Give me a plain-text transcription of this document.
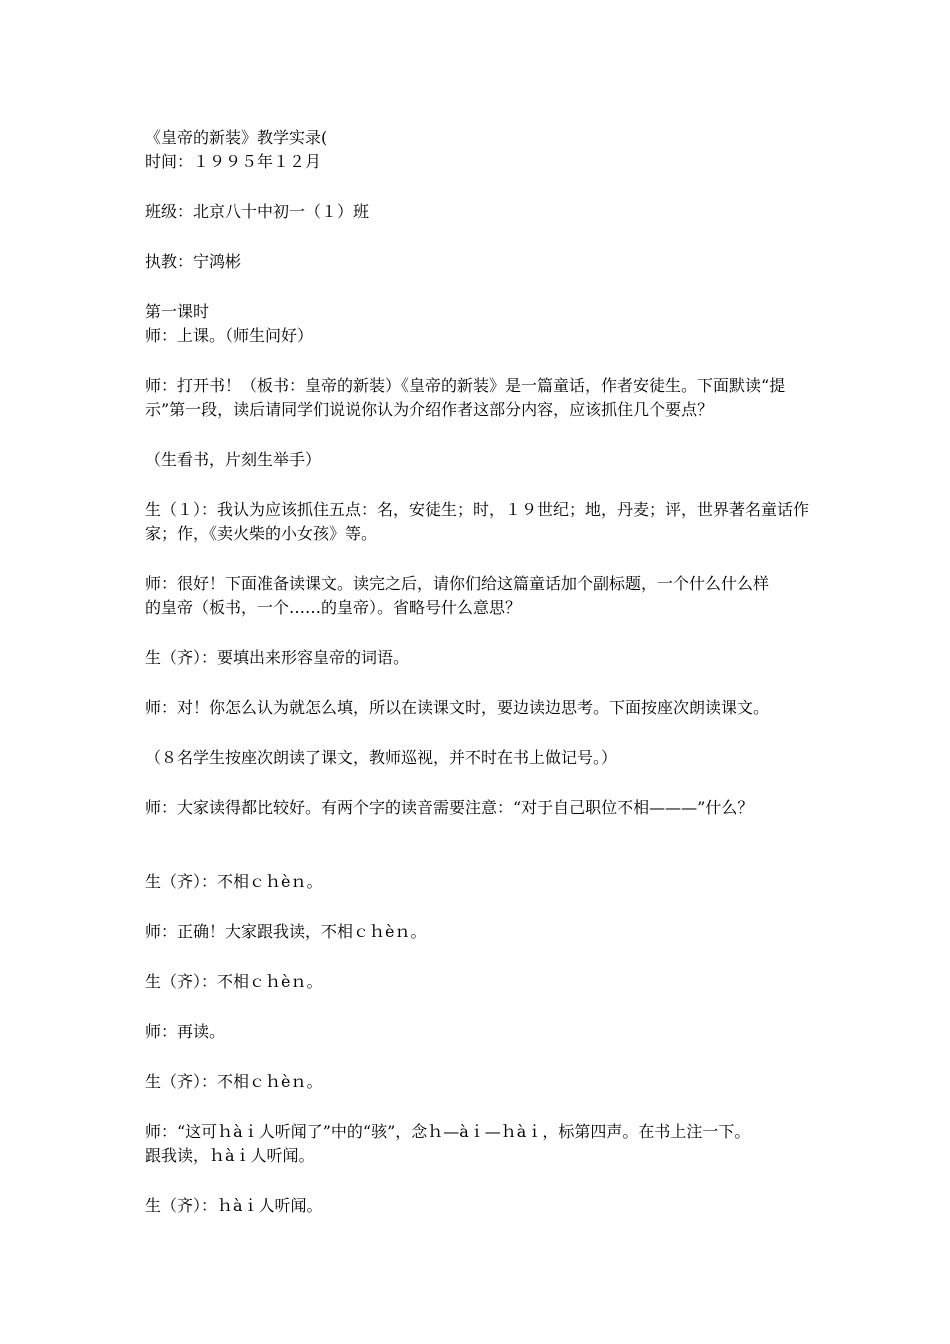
《皇帝的新装》教学实录(
时间：１９９５年１２月
班级：北京八十中初一（１）班
执教：宁鸿彬
第一课时
师：上课。（师生问好）
师：打开书！（板书：皇帝的新装）《皇帝的新装》是一篇童话，作者安徒生。下面默读“提
示”第一段，读后请同学们说说你认为介绍作者这部分内容，应该抓住几个要点？
（生看书，片刻生举手）
生（１）：我认为应该抓住五点：名，安徒生；时，１９世纪；地，丹麦；评，世界著名童话作
家；作，《卖火柴的小女孩》等。
师：很好！下面准备读课文。读完之后，请你们给这篇童话加个副标题，一个什么什么样
的皇帝（板书，一个……的皇帝）。省略号什么意思？
生（齐）：要填出来形容皇帝的词语。
师：对！你怎么认为就怎么填，所以在读课文时，要边读边思考。下面按座次朗读课文。
（８名学生按座次朗读了课文，教师巡视，并不时在书上做记号。）
师：大家读得都比较好。有两个字的读音需要注意：“对于自己职位不相———”什么？
生（齐）：不相ｃｈèｎ。
师：正确！大家跟我读，不相ｃｈèｎ。
生（齐）：不相ｃｈèｎ。
师：再读。
生（齐）：不相ｃｈèｎ。
师：“这可ｈàｉ人听闻了”中的“骇”，念ｈ—àｉ—ｈàｉ，标第四声。在书上注一下。
跟我读，ｈàｉ人听闻。
生（齐）：ｈàｉ人听闻。
